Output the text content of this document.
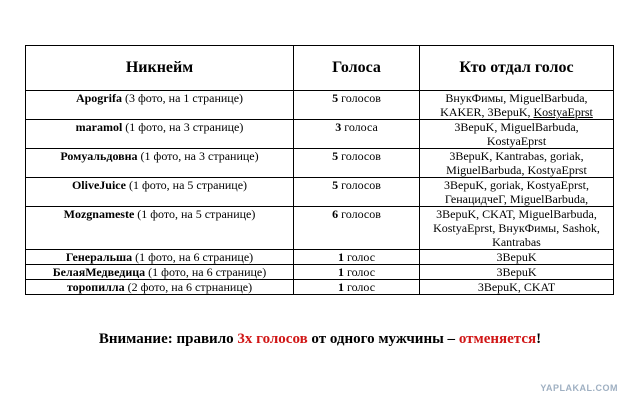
Никнейм	Голоса	Кто отдал голос
Apogrifa (3 фото, на 1 странице)	5 голосов	ВнукФимы, MiguelBarbuda,
KAKER, 3BepuK, KostyaEprst

maramol (1 фото, на 3 странице)	3 голоса	3BepuK, MiguelBarbuda,
KostyaEprst

Ромуальдовна (1 фото, на 3 странице)	5 голосов	3BepuK, Kantrabas, goriak,
MiguelBarbuda, KostyaEprst

OliveJuice (1 фото, на 5 странице)	5 голосов	3BepuK, goriak, KostyaEprst,
ГенацидчеГ, MiguelBarbuda,

Mozgnameste (1 фото, на 5 странице)	6 голосов	3BepuK, CKAT, MiguelBarbuda,
KostyaEprst, ВнукФимы, Sashok,
Kantrabas

Генеральша (1 фото, на 6 странице)	1 голос	3BepuK

БелаяМедведица (1 фото, на 6 странице)	1 голос	3BepuK

торопилла (2 фото, на 6 стрнанице)	1 голос	3BepuK, CKAT
Внимание: правило 3х голосов от одного мужчины – отменяется!
YAPLAKAL.COM
